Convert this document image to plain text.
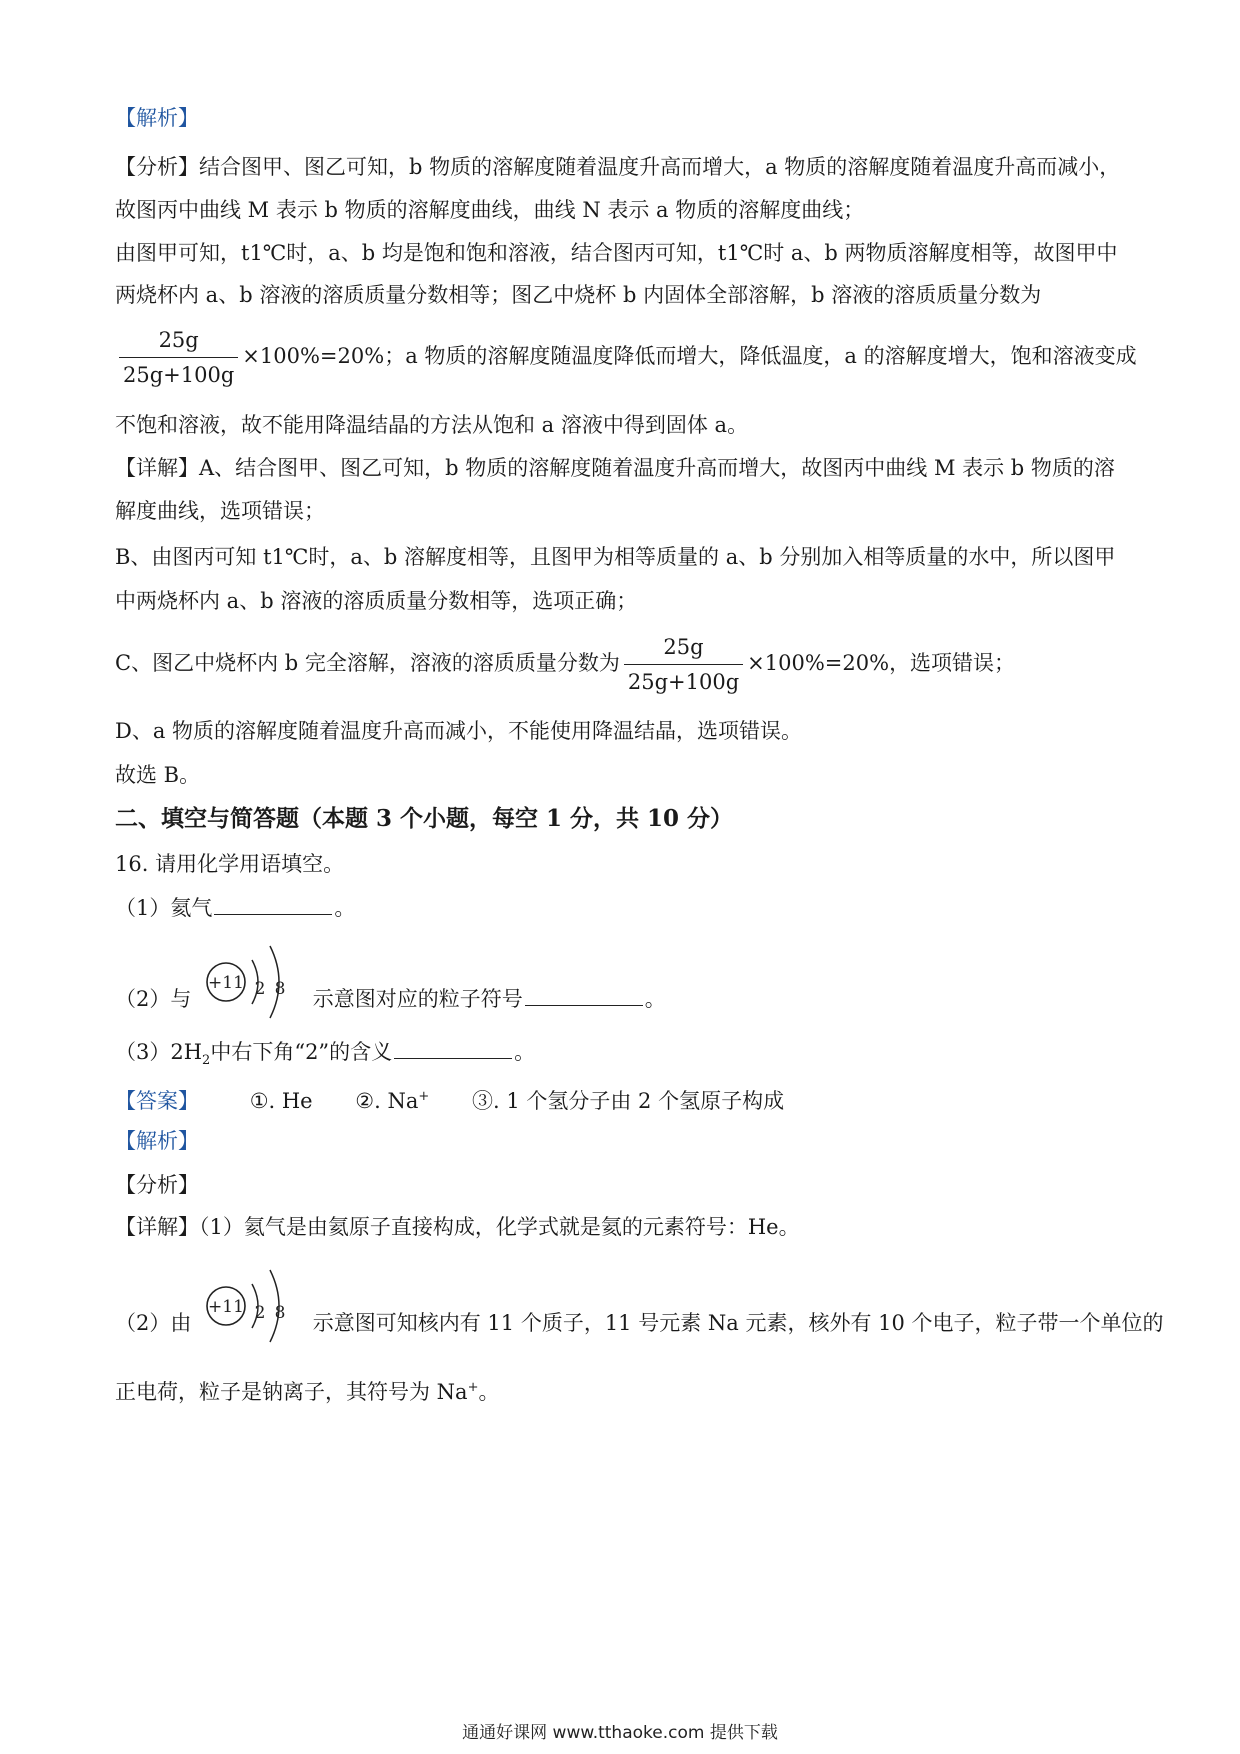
【解析】
【分析】结合图甲、图乙可知，b 物质的溶解度随着温度升高而增大，a 物质的溶解度随着温度升高而减小，
故图丙中曲线 M 表示 b 物质的溶解度曲线，曲线 N 表示 a 物质的溶解度曲线；
由图甲可知，t1℃时，a、b 均是饱和饱和溶液，结合图丙可知，t1℃时 a、b 两物质溶解度相等，故图甲中
两烧杯内 a、b 溶液的溶质质量分数相等；图乙中烧杯 b 内固体全部溶解，b 溶液的溶质质量分数为
$\frac{25g}{25g+100g} \times 100\%=20\%$；a 物质的溶解度随温度降低而增大，降低温度，a 的溶解度增大，饱和溶液变成
不饱和溶液，故不能用降温结晶的方法从饱和 a 溶液中得到固体 a。
【详解】A、结合图甲、图乙可知，b 物质的溶解度随着温度升高而增大，故图丙中曲线 M 表示 b 物质的溶
解度曲线，选项错误；
B、由图丙可知 t1℃时，a、b 溶解度相等，且图甲为相等质量的 a、b 分别加入相等质量的水中，所以图甲
中两烧杯内 a、b 溶液的溶质质量分数相等，选项正确；
C、图乙中烧杯内 b 完全溶解，溶液的溶质质量分数为 $\frac{25g}{25g+100g} \times 100\%=20\%$，选项错误；
D、a 物质的溶解度随着温度升高而减小，不能使用降温结晶，选项错误。
故选 B。
二、填空与简答题（本题 3 个小题，每空 1 分，共 10 分）
16. 请用化学用语填空。
（1）氦气	。
（2）与
+11 2 8 示意图对应的粒子符号	。
$(3)2H_2$中右下角“2”的含义	。
【答案】 ①. He ②. Na+ ③. 1 个氢分子由 2 个氢原子构成
【解析】
【分析】
【详解】（1）氦气是由氦原子直接构成，化学式就是氦的元素符号：He。
（2）由
+11 2 8 示意图可知核内有 11 个质子，11 号元素 Na 元素，核外有 10 个电子，粒子带一个单位的
正电荷，粒子是钠离子，其符号为 Na+。
通通好课网 www.tthaoke.com 提供下载
